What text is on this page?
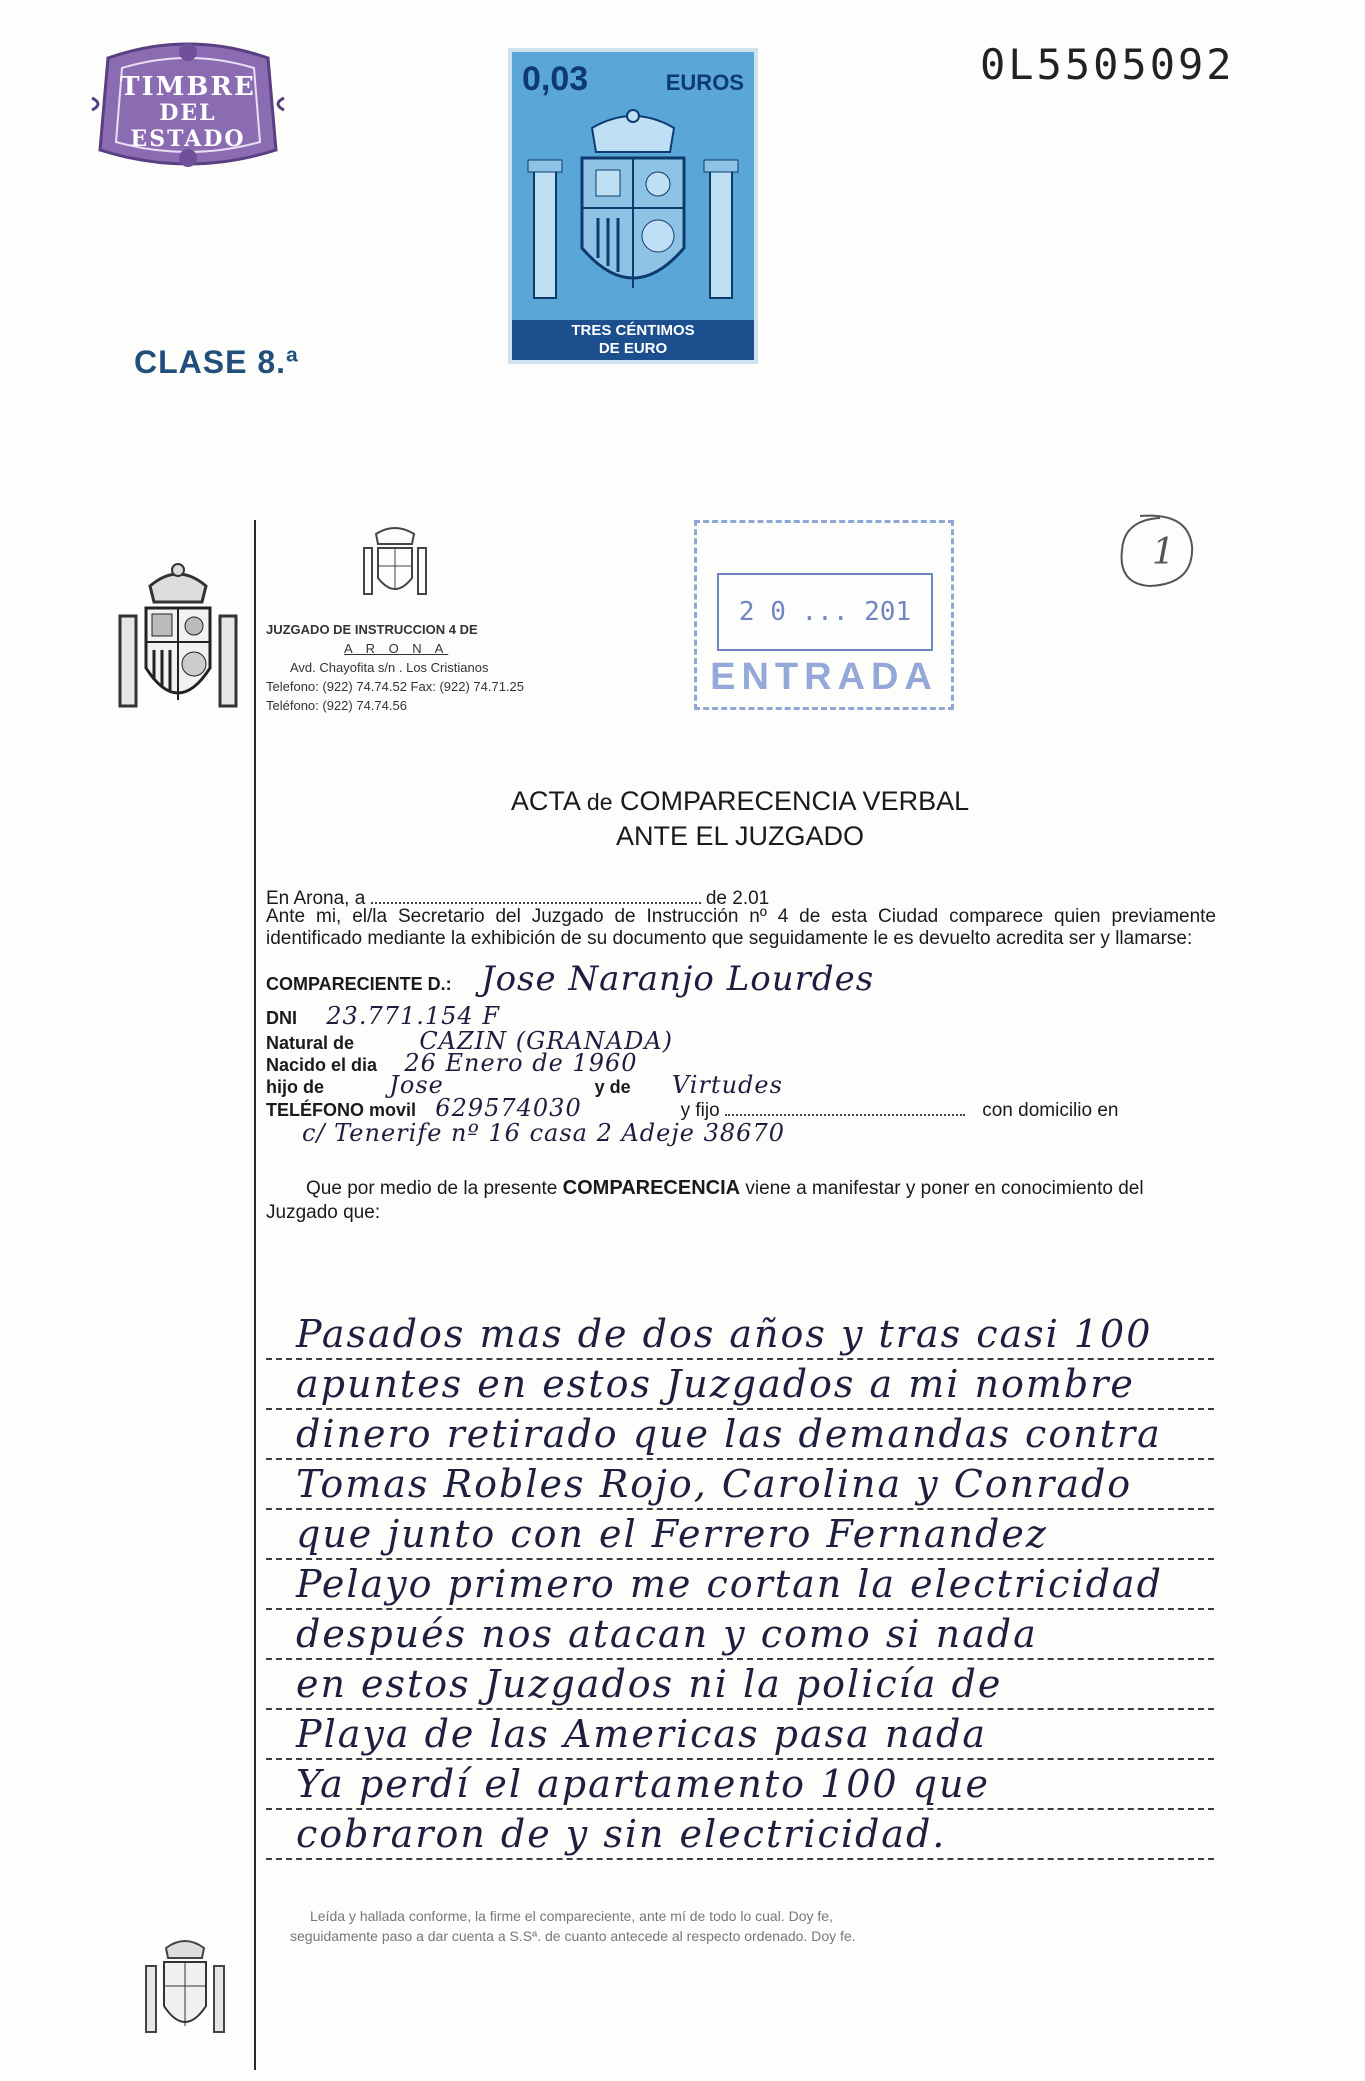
TIMBRE
DEL ESTADO
0,03	EUROS
TRES CÉNTIMOS
DE EURO
0L5505092
CLASE 8.ª
JUZGADO DE INSTRUCCION 4 DE
A R O N A
Avd. Chayofita s/n . Los Cristianos
Telefono: (922) 74.74.52 Fax: (922) 74.71.25
Teléfono: (922) 74.74.56
2 0 ... 201
ENTRADA
1
ACTA de COMPARECENCIA VERBAL
ANTE EL JUZGADO
En Arona, a	de 2.01

Ante mi, el/la Secretario del Juzgado de Instrucción nº 4 de esta Ciudad comparece quien previamente identificado mediante la exhibición de su documento que seguidamente le es devuelto acredita ser y llamarse:

COMPARECIENTE D.: Jose Naranjo Lourdes
DNI 23.771.154 F
Natural de	CAZIN (GRANADA)
Nacido el dia 26 Enero de 1960
hijo de	Jose	y de Virtudes
TELÉFONO movil 629574030	y fijo	con domicilio en
c/ Tenerife nº 16 casa 2 Adeje 38670
Que por medio de la presente COMPARECENCIA viene a manifestar y poner en conocimiento del Juzgado que:
Pasados mas de dos años y tras casi 100
apuntes en estos Juzgados a mi nombre
dinero retirado que las demandas contra
Tomas Robles Rojo, Carolina y Conrado
que junto con el Ferrero Fernandez
Pelayo primero me cortan la electricidad
después nos atacan y como si nada
en estos Juzgados ni la policía de
Playa de las Americas pasa nada
Ya perdí el apartamento 100 que
cobraron de y sin electricidad.
Leída y hallada conforme, la firme el compareciente, ante mí de todo lo cual. Doy fe,
seguidamente paso a dar cuenta a S.Sª. de cuanto antecede al respecto ordenado. Doy fe.
